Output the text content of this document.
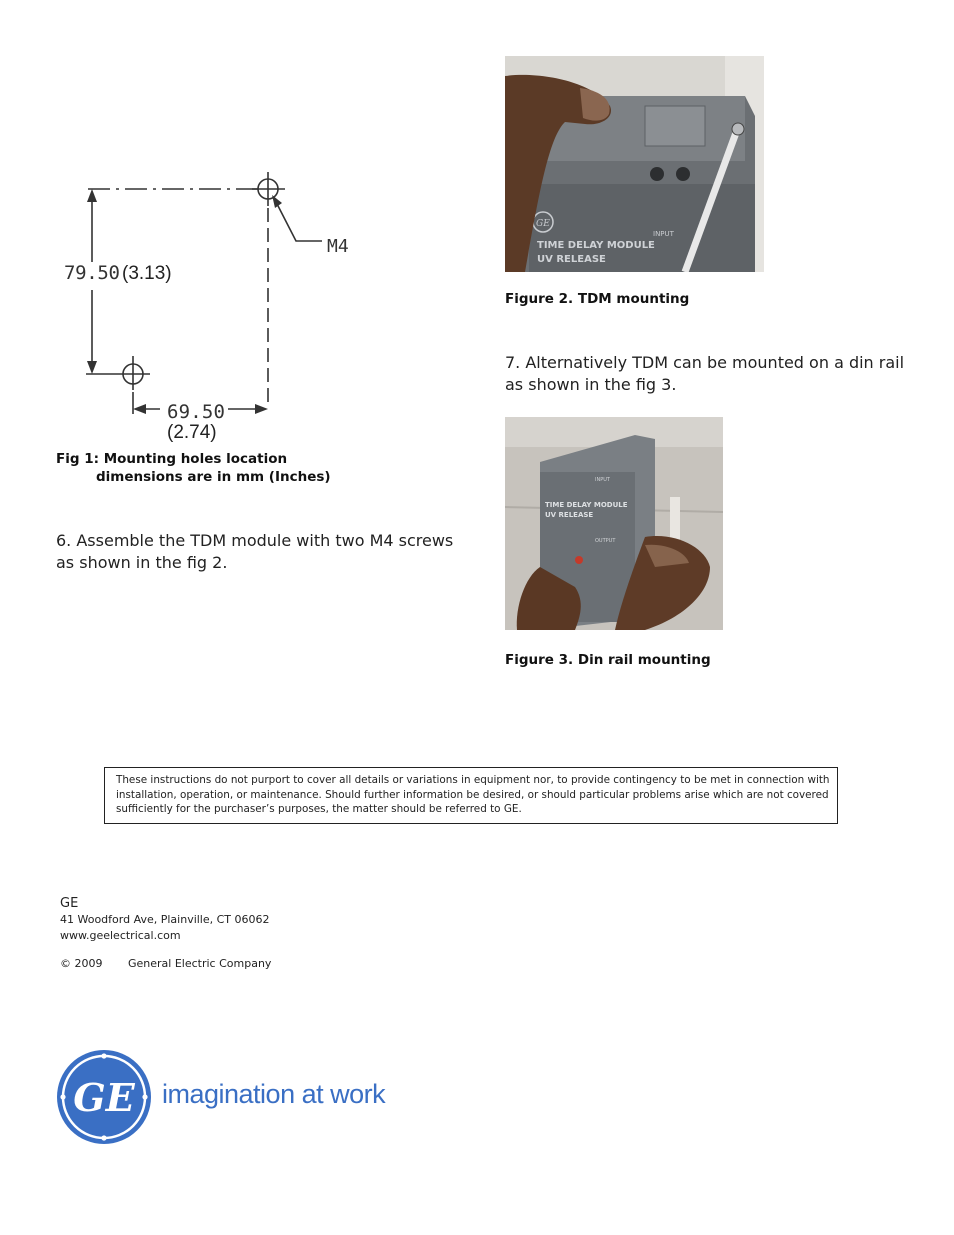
79.50 (3.13)
69.50
(2.74)
M4
Fig 1: Mounting holes location
dimensions are in mm (Inches)
6. Assemble the TDM module with two M4 screws
as shown in the fig 2.
GE
INPUT
TIME DELAY MODULE
UV RELEASE
Figure 2. TDM mounting
7. Alternatively TDM can be mounted on a din rail
as shown in the fig 3.
INPUT
TIME DELAY MODULE
UV RELEASE
OUTPUT
Figure 3. Din rail mounting
These instructions do not purport to cover all details or variations in equipment nor, to provide contingency to be met in connection with installation, operation, or maintenance. Should further information be desired, or should particular problems arise which are not covered sufficiently for the purchaser’s purposes, the matter should be referred to GE.
GE
41 Woodford Ave, Plainville, CT 06062
www.geelectrical.com
© 2009 General Electric Company
GE imagination at work
